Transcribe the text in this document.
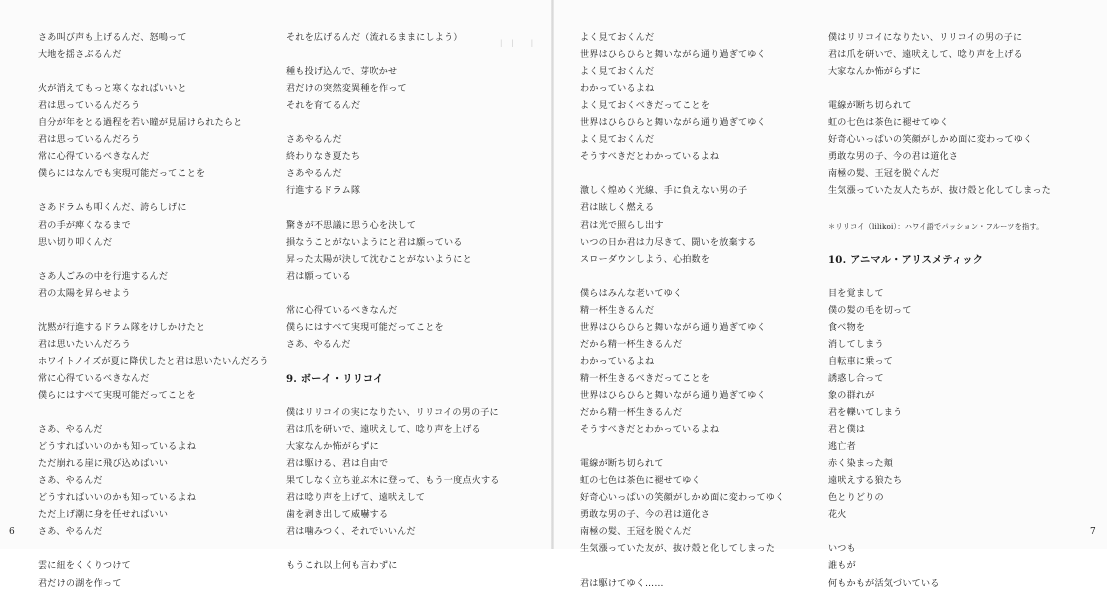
|　|　　|
さあ叫び声も上げるんだ、怒鳴って
大地を揺さぶるんだ
火が消えてもっと寒くなればいいと
君は思っているんだろう
自分が年をとる過程を若い瞳が見届けられたらと
君は思っているんだろう
常に心得ているべきなんだ
僕らにはなんでも実現可能だってことを
さあドラムも叩くんだ、誇らしげに
君の手が痺くなるまで
思い切り叩くんだ
さあ人ごみの中を行進するんだ
君の太陽を昇らせよう
沈黙が行進するドラム隊をけしかけたと
君は思いたいんだろう
ホワイトノイズが夏に降伏したと君は思いたいんだろう
常に心得ているべきなんだ
僕らにはすべて実現可能だってことを
さあ、やるんだ
どうすればいいのかも知っているよね
ただ崩れる崖に飛び込めばいい
さあ、やるんだ
どうすればいいのかも知っているよね
ただ上げ潮に身を任せればいい
さあ、やるんだ
雲に紐をくくりつけて
君だけの湖を作って
それを広げるんだ（流れるままにしよう）
種も投げ込んで、芽吹かせ
君だけの突然変異種を作って
それを育てるんだ
さあやるんだ
終わりなき夏たち
さあやるんだ
行進するドラム隊
驚きが不思議に思う心を決して
損なうことがないようにと君は願っている
昇った太陽が決して沈むことがないようにと
君は願っている
常に心得ているべきなんだ
僕らにはすべて実現可能だってことを
さあ、やるんだ
9. ボーイ・リリコイ
僕はリリコイの実になりたい、リリコイの男の子に
君は爪を研いで、遠吠えして、唸り声を上げる
大家なんか怖がらずに
君は駆ける、君は自由で
果てしなく立ち並ぶ木に登って、もう一度点火する
君は唸り声を上げて、遠吠えして
歯を剥き出して威嚇する
君は噛みつく、それでいいんだ
もうこれ以上何も言わずに
よく見ておくんだ
世界はひらひらと舞いながら通り過ぎてゆく
よく見ておくんだ
わかっているよね
よく見ておくべきだってことを
世界はひらひらと舞いながら通り過ぎてゆく
よく見ておくんだ
そうすべきだとわかっているよね
激しく煌めく光線、手に負えない男の子
君は眩しく燃える
君は光で照らし出す
いつの日か君は力尽きて、闘いを放棄する
スローダウンしよう、心拍数を
僕らはみんな老いてゆく
精一杯生きるんだ
世界はひらひらと舞いながら通り過ぎてゆく
だから精一杯生きるんだ
わかっているよね
精一杯生きるべきだってことを
世界はひらひらと舞いながら通り過ぎてゆく
だから精一杯生きるんだ
そうすべきだとわかっているよね
電線が断ち切られて
虹の七色は茶色に褪せてゆく
好奇心いっぱいの笑顔がしかめ面に変わってゆく
勇敢な男の子、今の君は道化さ
南極の髪、王冠を脱ぐんだ
生気漲っていた友が、抜け殻と化してしまった
君は駆けてゆく……
僕はリリコイになりたい、リリコイの男の子に
君は爪を研いで、遠吠えして、唸り声を上げる
大家なんか怖がらずに
電線が断ち切られて
虹の七色は茶色に褪せてゆく
好奇心いっぱいの笑顔がしかめ面に変わってゆく
勇敢な男の子、今の君は道化さ
南極の髪、王冠を脱ぐんだ
生気漲っていた友人たちが、抜け殻と化してしまった
＊リリコイ（lilikoi）：ハワイ語でパッション・フルーツを指す。
10. アニマル・アリスメティック
目を覚まして
僕の髪の毛を切って
食べ物を
消してしまう
自転車に乗って
誘惑し合って
象の群れが
君を轢いてしまう
君と僕は
逃亡者
赤く染まった頬
遠吠えする狼たち
色とりどりの
花火
いつも
誰もが
何もかもが活気づいている
6	7
